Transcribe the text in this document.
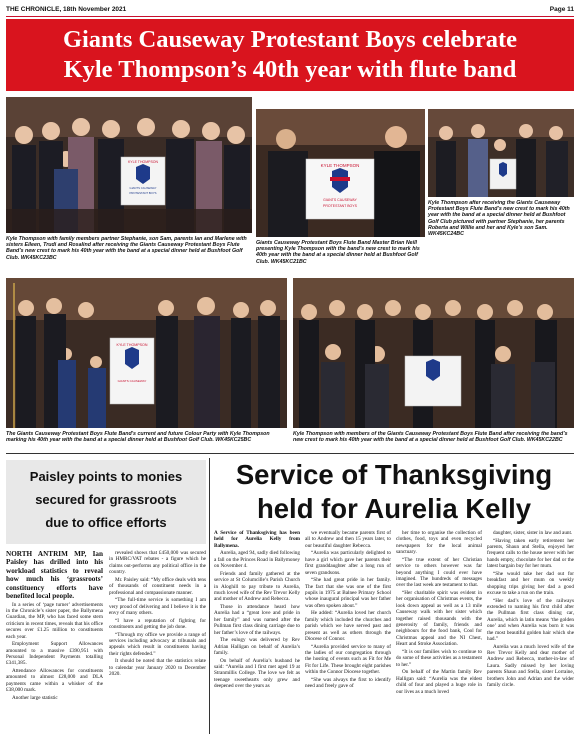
THE CHRONICLE, 18th November 2021	Page 11
Giants Causeway Protestant Boys celebrate
Kyle Thompson’s 40th year with flute band
KYLE THOMPSON
GIANTS CAUSEWAY
PROTESTANT BOYS
Kyle Thompson with family members partner Stephanie, son Sam, parents Ian and Marlene with sisters Eileen, Trudi and Rosalind after receiving the Giants Causeway Protestant Boys Flute Band’s new crest to mark his 40th year with the band at a special dinner held at Bushfoot Golf Club. WK45KC23BC
KYLE THOMPSON
GIANTS CAUSEWAY
PROTESTANT BOYS
Giants Causeway Protestant Boys Flute Band Master Brian Neill presenting Kyle Thompson with the band’s new crest to mark his 40th year with the band at a special dinner held at Bushfoot Golf Club. WK45KC21BC
Kyle Thompson after receiving the Giants Causeway Protestant Boys Flute Band’s new crest to mark his 40th year with the band at a special dinner held at Bushfoot Golf Club pictured with partner Stephanie, her parents Roberta and Willie and her and Kyle’s son Sam. WK45KC24BC
KYLE THOMPSON
GIANTS CAUSEWAY
The Giants Causeway Protestant Boys Flute Band’s current and future Colour Party with Kyle Thompson marking his 40th year with the band at a special dinner held at Bushfoot Golf Club. WK45KC25BC
Kyle Thompson with members of the Giants Causeway Protestant Boys Flute Band after receiving the band’s new crest to mark his 40th year with the band at a special dinner held at Bushfoot Golf Club. WK45KC22BC
Paisley points to monies
secured for grassroots
due to office efforts

NORTH ANTRIM MP, Ian Paisley has drilled into his workload statistics to reveal how much his ‘grassroots’ constituency efforts have benefited local people.

In a series of ‘page turner’ advertisements in the Chronicle’s sister paper, the Ballymena Guardian, the MP, who has faced some stern criticism in recent times, reveals that his office secures over £1.25 million to constituents each year.

Employment Support Allowances amounted to a massive £390,951 with Personal Independent Payments totalling £341,385.

Attendance Allowances for constituents amounted to almost £28,000 and DLA payments came within a whisker of the £38,000 mark.

Another large statistic

revealed shows that £450,000 was secured in HMRC/VAT rebates - a figure which he claims out-performs any political office in the country.

Mr. Paisley said: “My office deals with tens of thousands of constituent needs in a professional and compassionate manner.

“The full-time service is something I am very proud of delivering and I believe it is the envy of many others.

“I have a reputation of fighting for constituents and getting the job done.

“Through my office we provide a range of services including advocacy at tribunals and appeals which result in constituents having their rights defended.”

It should be noted that the statistics relate to calendar year January 2020 to December 2020.

Service of Thanksgiving
held for Aurelia Kelly

A Service of Thanksgiving has been held for Aurelia Kelly from Ballymena.

Aurelia, aged 94, sadly died following a fall on the Princes Road in Ballymoney on November 4.

Friends and family gathered at the service at St Columcille’s Parish Church in Aloghill to pay tribute to Aurelia, much loved wife of the Rev Trevor Kelly and mother of Andrew and Rebecca.

Those in attendance heard how Aurelia had a “great love and pride in her family” and was named after the Pullman first class dining carriage due to her father’s love of the railways.

The eulogy was delivered by Rev Adrian Halligan on behalf of Aurelia’s family.

On behalf of Aurelia’s husband he said: “Aurelia and I first met aged 19 at Stranmillis College. The love we felt as teenage sweethearts only grew and deepened over the years as

we eventually became parents first of all to Andrew and then 15 years later, to our beautiful daughter Rebecca.

“Aurelia was particularly delighted to have a girl which gave her parents their first granddaughter after a long run of seven grandsons.

“She had great pride in her family. The fact that she was one of the first pupils in 1975 at Balnee Primary School whose inaugural principal was her father was often spoken about.”

He added: “Aurelia loved her church family which included the churches and parish which we have served past and present as well as others through the Diocese of Connor.

“Aurelia provided service to many of the ladies of our congregation through the hosting of events such as Fit for Me Fit for Life. These brought eight parishes within the Connor Diocese together.

“She was always the first to identify need and freely gave of

her time to organise the collection of clothes, food, toys and even recycled newspapers for the local animal sanctuary.

“The true extent of her Christian service to others however was far beyond anything I could ever have imagined. The hundreds of messages over the last week are testament to that.

“Her charitable spirit was evident in her organisation of Christmas events, the look down appeal as well as a 13 mile Causeway walk with her sister which together raised thousands with the generosity of family, friends and neighbours for the food bank, Cool for Christmas appeal and the NI Chest, Heart and Stroke Association.

“It is our families wish to continue to do some of these activities as a testament to her.”

On behalf of the Martin family Rev Halligan said: “Aurelia was the eldest child of four and played a huge role in our lives as a much loved

daughter, sister, sister in law and aunt.

“Having taken early retirement her parents, Shaun and Stella, enjoyed her frequent calls to the house never with her hands empty, chocolate for her dad or the latest bargain buy for her mum.

“She would take her dad out for breakfast and her mum on weekly shopping trips giving her dad a good excuse to take a run on the train.

“Her dad’s love of the railways extended to naming his first child after the Pullman first class dining car, Aurelia, which in latin means ‘the golden one’ and when Aurelia was born it was the most beautiful golden hair which she had.”

Aurelia was a much loved wife of the Rev Trevor Kelly and dear mother of Andrew and Rebecca, mother-in-law of Laura. Sadly missed by her loving parents Shaun and Stella, sister Lorraine, brothers John and Adrian and the wider family circle.
